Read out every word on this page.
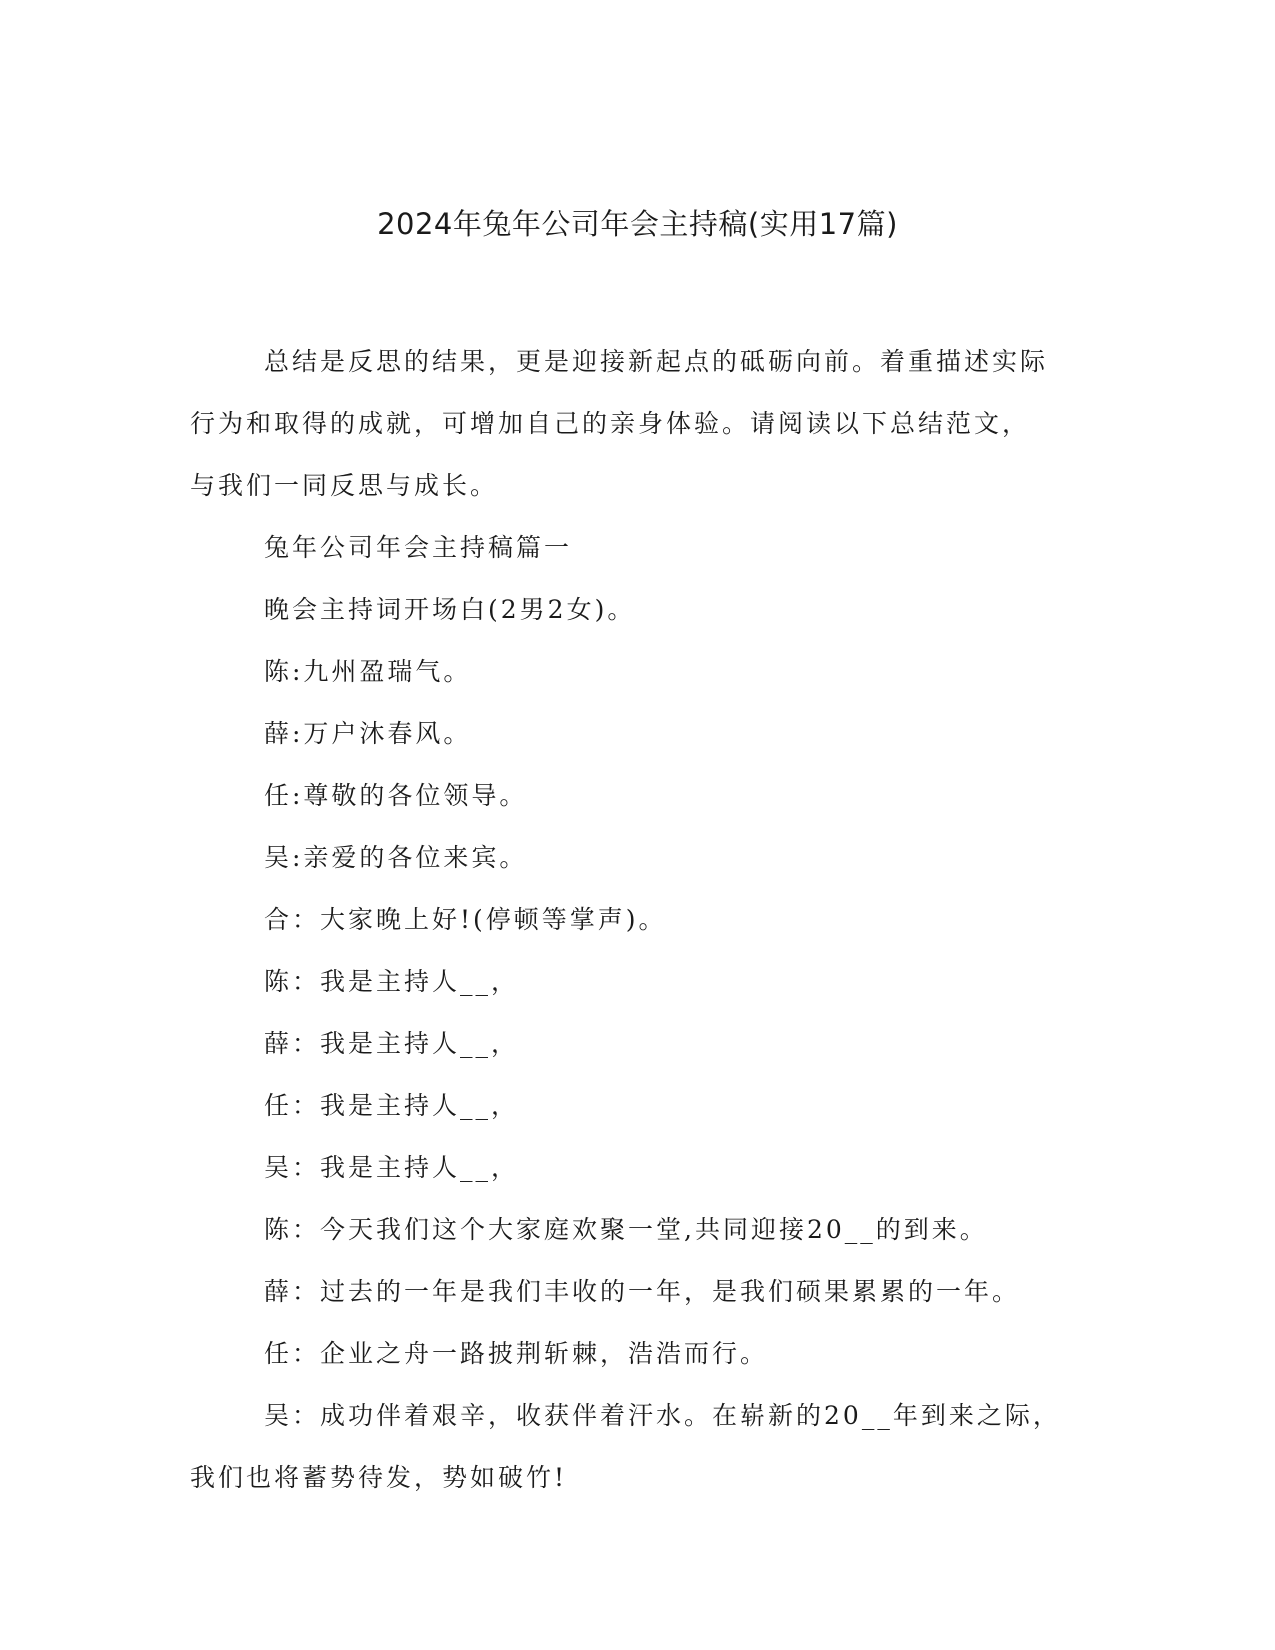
2024年兔年公司年会主持稿(实用17篇)

总结是反思的结果，更是迎接新起点的砥砺向前。着重描述实际
行为和取得的成就，可增加自己的亲身体验。请阅读以下总结范文，
与我们一同反思与成长。

兔年公司年会主持稿篇一

晚会主持词开场白(2男2女)。

陈:九州盈瑞气。

薛:万户沐春风。

任:尊敬的各位领导。

吴:亲爱的各位来宾。

合：大家晚上好!(停顿等掌声)。

陈：我是主持人__，

薛：我是主持人__，

任：我是主持人__，

吴：我是主持人__，

陈：今天我们这个大家庭欢聚一堂,共同迎接20__的到来。

薛：过去的一年是我们丰收的一年，是我们硕果累累的一年。

任：企业之舟一路披荆斩棘，浩浩而行。

吴：成功伴着艰辛，收获伴着汗水。在崭新的20__年到来之际，
我们也将蓄势待发，势如破竹!
